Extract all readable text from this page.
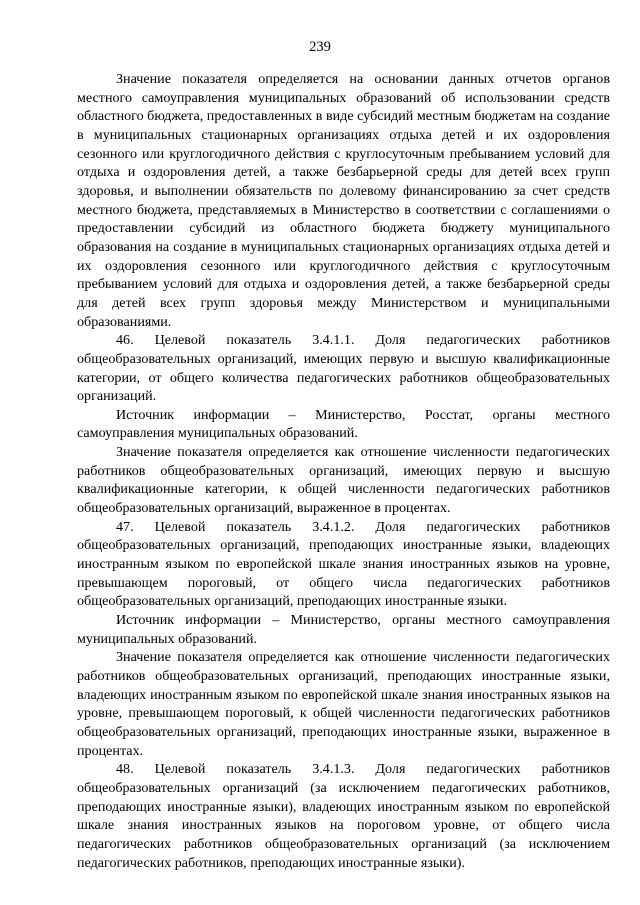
239

Значение показателя определяется на основании данных отчетов органов местного самоуправления муниципальных образований об использовании средств областного бюджета, предоставленных в виде субсидий местным бюджетам на создание в муниципальных стационарных организациях отдыха детей и их оздоровления сезонного или круглогодичного действия с круглосуточным пребыванием условий для отдыха и оздоровления детей, а также безбарьерной среды для детей всех групп здоровья, и выполнении обязательств по долевому финансированию за счет средств местного бюджета, представляемых в Министерство в соответствии с соглашениями о предоставлении субсидий из областного бюджета бюджету муниципального образования на создание в муниципальных стационарных организациях отдыха детей и их оздоровления сезонного или круглогодичного действия с круглосуточным пребыванием условий для отдыха и оздоровления детей, а также безбарьерной среды для детей всех групп здоровья между Министерством и муниципальными образованиями.

46. Целевой показатель 3.4.1.1. Доля педагогических работников общеобразовательных организаций, имеющих первую и высшую квалификационные категории, от общего количества педагогических работников общеобразовательных организаций.

Источник информации – Министерство, Росстат, органы местного самоуправления муниципальных образований.

Значение показателя определяется как отношение численности педагогических работников общеобразовательных организаций, имеющих первую и высшую квалификационные категории, к общей численности педагогических работников общеобразовательных организаций, выраженное в процентах.

47. Целевой показатель 3.4.1.2. Доля педагогических работников общеобразовательных организаций, преподающих иностранные языки, владеющих иностранным языком по европейской шкале знания иностранных языков на уровне, превышающем пороговый, от общего числа педагогических работников общеобразовательных организаций, преподающих иностранные языки.

Источник информации – Министерство, органы местного самоуправления муниципальных образований.

Значение показателя определяется как отношение численности педагогических работников общеобразовательных организаций, преподающих иностранные языки, владеющих иностранным языком по европейской шкале знания иностранных языков на уровне, превышающем пороговый, к общей численности педагогических работников общеобразовательных организаций, преподающих иностранные языки, выраженное в процентах.

48. Целевой показатель 3.4.1.3. Доля педагогических работников общеобразовательных организаций (за исключением педагогических работников, преподающих иностранные языки), владеющих иностранным языком по европейской шкале знания иностранных языков на пороговом уровне, от общего числа педагогических работников общеобразовательных организаций (за исключением педагогических работников, преподающих иностранные языки).
